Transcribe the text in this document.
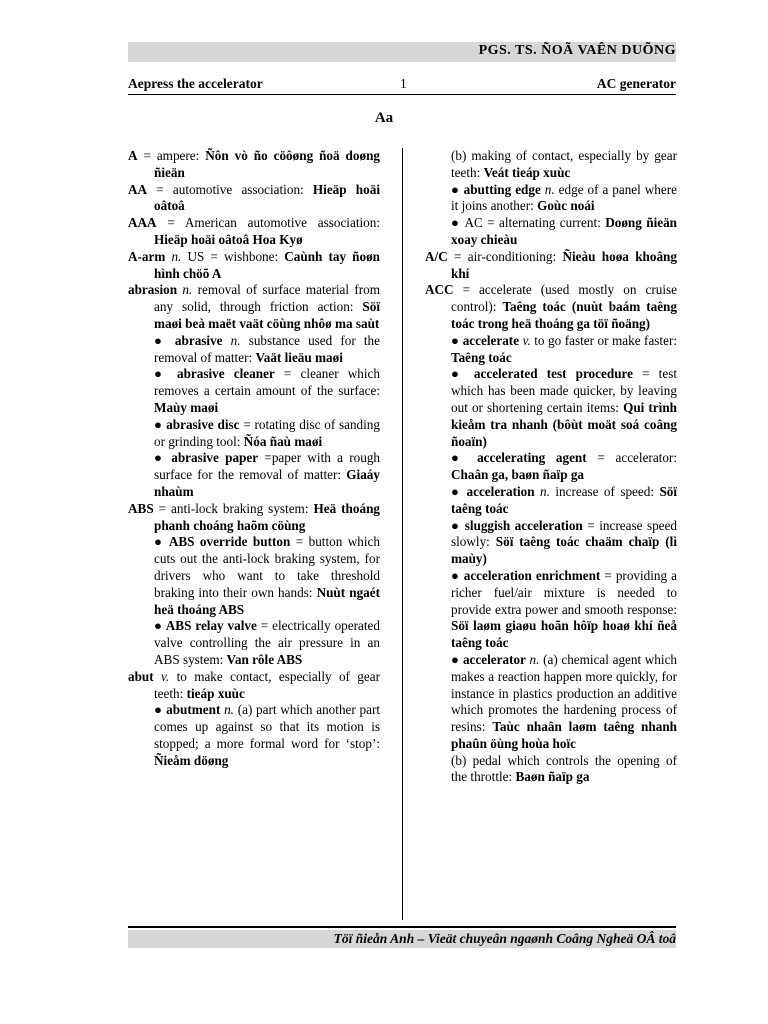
PGS. TS. ÑOÃ VAÊN DUÕNG
Aepress the accelerator	1	AC generator
Aa

A = ampere: Ñôn vò ño cöôøng ñoä doøng ñieän

AA = automotive association: Hieäp hoäi oâtoâ

AAA = American automotive association: Hieäp hoäi oâtoâ Hoa Kyø

A-arm n. US = wishbone: Caùnh tay ñoøn hình chöõ A

abrasion n. removal of surface material from any solid, through friction action: Söï maøi beà maët vaät cöùng nhôø ma saùt

● abrasive n. substance used for the removal of matter: Vaät lieäu maøi

● abrasive cleaner = cleaner which removes a certain amount of the surface: Maùy maøi

● abrasive disc = rotating disc of sanding or grinding tool: Ñóa ñaù maøi

● abrasive paper =paper with a rough surface for the removal of matter: Giaáy nhaùm

ABS = anti-lock braking system: Heä thoáng phanh choáng haõm cöùng

● ABS override button = button which cuts out the anti-lock braking system, for drivers who want to take threshold braking into their own hands: Nuùt ngaét heä thoáng ABS

● ABS relay valve = electrically operated valve controlling the air pressure in an ABS system: Van rôle ABS

abut v. to make contact, especially of gear teeth: tieáp xuùc

● abutment n. (a) part which another part comes up against so that its motion is stopped; a more formal word for ‘stop’: Ñieåm döøng

(b) making of contact, especially by gear teeth: Veát tieáp xuùc

● abutting edge n. edge of a panel where it joins another: Goùc noái

● AC = alternating current: Doøng ñieän xoay chieàu

A/C = air-conditioning: Ñieàu hoøa khoâng khí

ACC = accelerate (used mostly on cruise control): Taêng toác (nuùt baám taêng toác trong heä thoáng ga töï ñoäng)

● accelerate v. to go faster or make faster: Taêng toác

● accelerated test procedure = test which has been made quicker, by leaving out or shortening certain items: Qui trình kieåm tra nhanh (bôùt moät soá coâng ñoaïn)

● accelerating agent = accelerator: Chaân ga, baøn ñaïp ga

● acceleration n. increase of speed: Söï taêng toác

● sluggish acceleration = increase speed slowly: Söï taêng toác chaäm chaïp (lì maùy)

● acceleration enrichment = providing a richer fuel/air mixture is needed to provide extra power and smooth response: Söï laøm giaøu hoãn hôïp hoaø khí ñeå taêng toác

● accelerator n. (a) chemical agent which makes a reaction happen more quickly, for instance in plastics production an additive which promotes the hardening process of resins: Taùc nhaân laøm taêng nhanh phaûn öùng hoùa hoïc

(b) pedal which controls the opening of the throttle: Baøn ñaïp ga

Töï ñieån Anh – Vieät chuyeân ngaønh Coâng Ngheä OÂ toâ
